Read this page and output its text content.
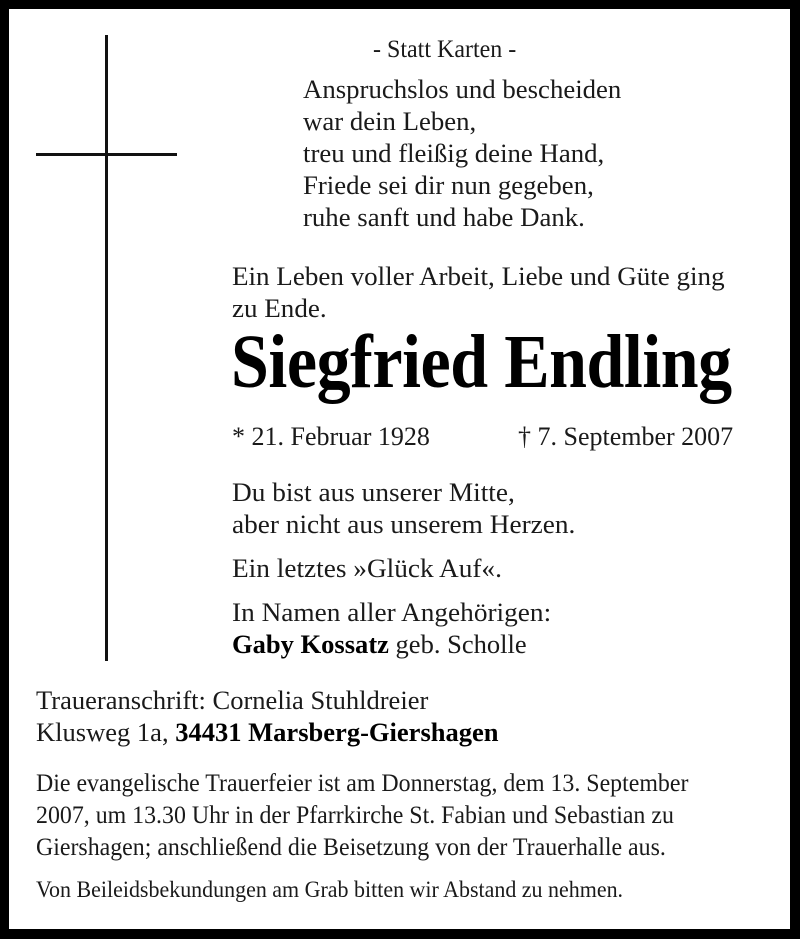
- Statt Karten -
Anspruchslos und bescheiden
war dein Leben,
treu und fleißig deine Hand,
Friede sei dir nun gegeben,
ruhe sanft und habe Dank.
Ein Leben voller Arbeit, Liebe und Güte ging
zu Ende.
Siegfried Endling
* 21. Februar 1928	† 7. September 2007
Du bist aus unserer Mitte,
aber nicht aus unserem Herzen.
Ein letztes »Glück Auf«.
In Namen aller Angehörigen:
Gaby Kossatz geb. Scholle
Traueranschrift: Cornelia Stuhldreier
Klusweg 1a, 34431 Marsberg-Giershagen
Die evangelische Trauerfeier ist am Donnerstag, dem 13. September
2007, um 13.30 Uhr in der Pfarrkirche St. Fabian und Sebastian zu
Giershagen; anschließend die Beisetzung von der Trauerhalle aus.
Von Beileidsbekundungen am Grab bitten wir Abstand zu nehmen.
